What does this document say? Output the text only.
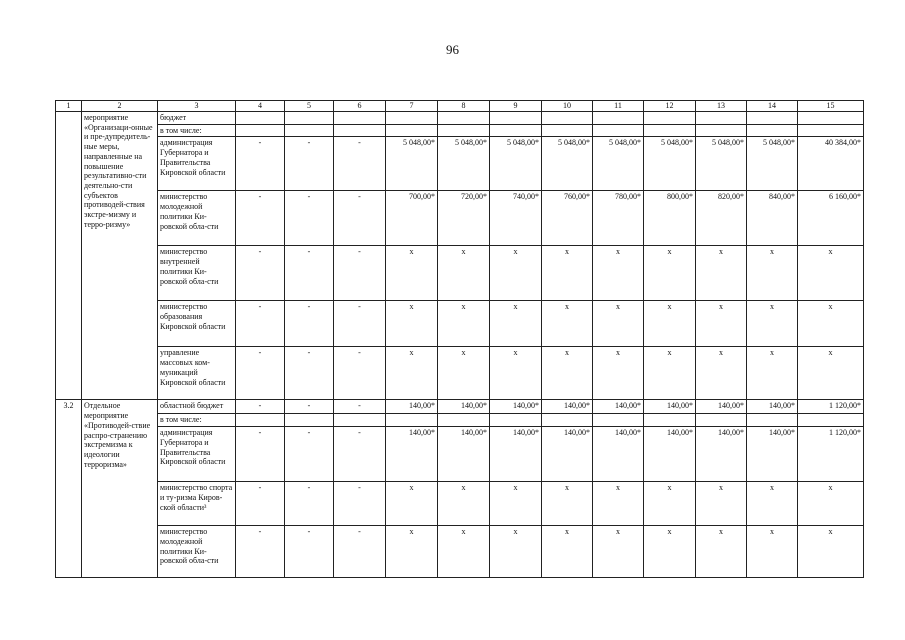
96
1	2	3	4	5	6	7	8	9	10	11	12	13	14	15
	мероприятие «Организаци-онные и пре-дупредитель-ные меры, направленные на повышение результативно-сти деятельно-сти субъектов противодей-ствия экстре-мизму и терро-ризму»	бюджет												
		в том числе:												
		администрация Губернатора и Правительства Кировской области	-	-	-	5 048,00*	5 048,00*	5 048,00*	5 048,00*	5 048,00*	5 048,00*	5 048,00*	5 048,00*	40 384,00*
		министерство молодежной политики Ки-ровской обла-сти	-	-	-	700,00*	720,00*	740,00*	760,00*	780,00*	800,00*	820,00*	840,00*	6 160,00*
		министерство внутренней политики Ки-ровской обла-сти	-	-	-	x	x	x	x	x	x	x	x	x
		министерство образования Кировской области	-	-	-	x	x	x	x	x	x	x	x	x
		управление массовых ком-муникаций Кировской области	-	-	-	x	x	x	x	x	x	x	x	x
3.2	Отдельное мероприятие «Противодей-ствие распро-странению экстремизма к идеологии терроризма»	областной бюджет	-	-	-	140,00*	140,00*	140,00*	140,00*	140,00*	140,00*	140,00*	140,00*	1 120,00*
		в том числе:												
		администрация Губернатора и Правительства Кировской области	-	-	-	140,00*	140,00*	140,00*	140,00*	140,00*	140,00*	140,00*	140,00*	1 120,00*
		министерство спорта и ту-ризма Киров-ской области³	-	-	-	x	x	x	x	x	x	x	x	x
		министерство молодежной политики Ки-ровской обла-сти	-	-	-	x	x	x	x	x	x	x	x	x
